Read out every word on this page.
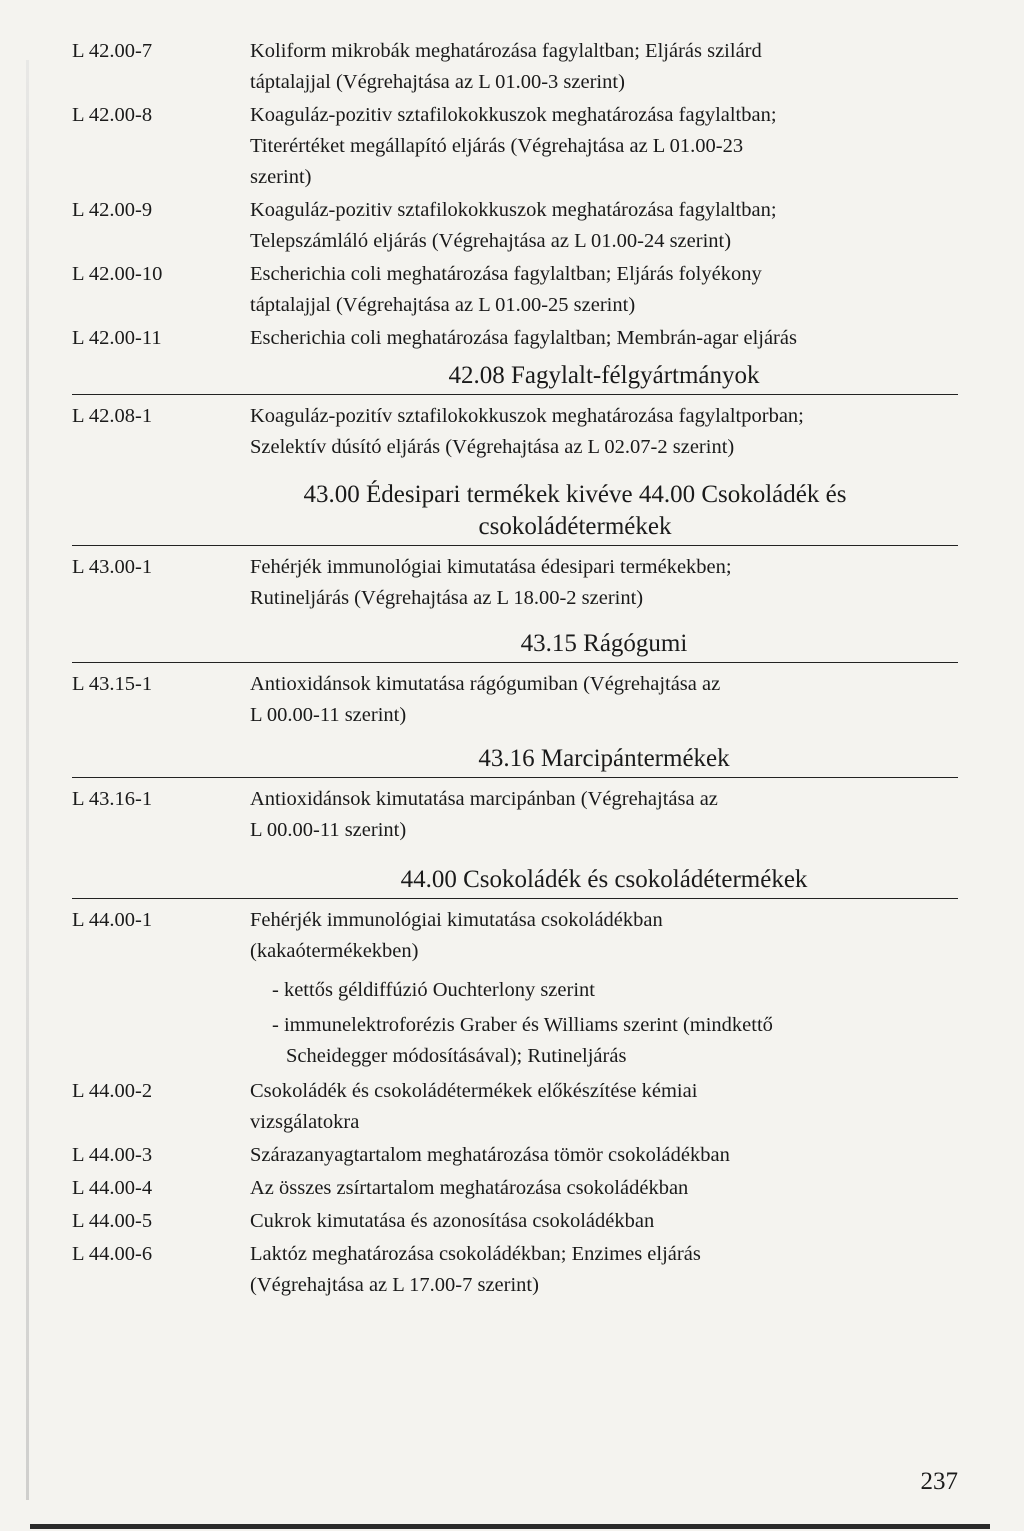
L 42.00-7	Koliform mikrobák meghatározása fagylaltban; Eljárás szilárd
táptalajjal (Végrehajtása az L 01.00-3 szerint)
L 42.00-8	Koaguláz-pozitiv sztafilokokkuszok meghatározása fagylaltban;
Titerértéket megállapító eljárás (Végrehajtása az L 01.00-23
szerint)
L 42.00-9	Koaguláz-pozitiv sztafilokokkuszok meghatározása fagylaltban;
Telepszámláló eljárás (Végrehajtása az L 01.00-24 szerint)
L 42.00-10	Escherichia coli meghatározása fagylaltban; Eljárás folyékony
táptalajjal (Végrehajtása az L 01.00-25 szerint)
L 42.00-11	Escherichia coli meghatározása fagylaltban; Membrán-agar eljárás
42.08 Fagylalt-félgyártmányok
L 42.08-1	Koaguláz-pozitív sztafilokokkuszok meghatározása fagylaltporban;
Szelektív dúsító eljárás (Végrehajtása az L 02.07-2 szerint)
43.00 Édesipari termékek kivéve 44.00 Csokoládék és
csokoládétermékek
L 43.00-1	Fehérjék immunológiai kimutatása édesipari termékekben;
Rutineljárás (Végrehajtása az L 18.00-2 szerint)
43.15 Rágógumi
L 43.15-1	Antioxidánsok kimutatása rágógumiban (Végrehajtása az
L 00.00-11 szerint)
43.16 Marcipántermékek
L 43.16-1	Antioxidánsok kimutatása marcipánban (Végrehajtása az
L 00.00-11 szerint)
44.00 Csokoládék és csokoládétermékek
L 44.00-1	Fehérjék immunológiai kimutatása csokoládékban
(kakaótermékekben)
- kettős géldiffúzió Ouchterlony szerint
- immunelektroforézis Graber és Williams szerint (mindkettő
Scheidegger módosításával); Rutineljárás
L 44.00-2	Csokoládék és csokoládétermékek előkészítése kémiai
vizsgálatokra
L 44.00-3	Szárazanyagtartalom meghatározása tömör csokoládékban
L 44.00-4	Az összes zsírtartalom meghatározása csokoládékban
L 44.00-5	Cukrok kimutatása és azonosítása csokoládékban
L 44.00-6	Laktóz meghatározása csokoládékban; Enzimes eljárás
(Végrehajtása az L 17.00-7 szerint)
237
